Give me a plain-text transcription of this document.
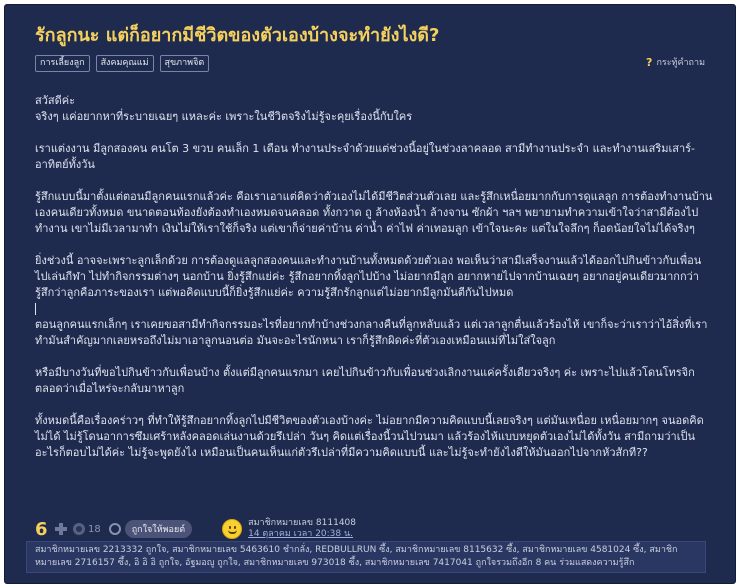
รักลูกนะ แต่ก็อยากมีชีวิตของตัวเองบ้างจะทำยังไงดี?
การเลี้ยงลูก	สังคมคุณแม่	สุขภาพจิต	? กระทู้คำถาม

สวัสดีค่ะ
จริงๆ แค่อยากหาที่ระบายเฉยๆ แหละค่ะ เพราะในชีวิตจริงไม่รู้จะคุยเรื่องนี้กับใคร

เราแต่งงาน มีลูกสองคน คนโต 3 ขวบ คนเล็ก 1 เดือน ทำงานประจำด้วยแต่ช่วงนี้อยู่ในช่วงลาคลอด สามีทำงานประจำ และทำงานเสริมเสาร์-อาทิตย์ทั้งวัน

รู้สึกแบบนี้มาตั้งแต่ตอนมีลูกคนแรกแล้วค่ะ คือเราเอาแต่คิดว่าตัวเองไม่ได้มีชีวิตส่วนตัวเลย และรู้สึกเหนื่อยมากกับการดูแลลูก การต้องทำงานบ้านเองคนเดียวทั้งหมด ขนาดตอนท้องยังต้องทำเองหมดจนคลอด ทั้งกวาด ถู ล้างห้องน้ำ ล้างจาน ซักผ้า ฯลฯ พยายามทำความเข้าใจว่าสามีต้องไปทำงาน เขาไม่มีเวลามาทำ เงินไม่ให้เราใช้ก็จริง แต่เขาก็จ่ายค่าบ้าน ค่าน้ำ ค่าไฟ ค่าเทอมลูก เข้าใจนะคะ แต่ในใจลึกๆ ก็อดน้อยใจไม่ได้จริงๆ

ยิ่งช่วงนี้ อาจจะเพราะลูกเล็กด้วย การต้องดูแลลูกสองคนและทำงานบ้านทั้งหมดด้วยตัวเอง พอเห็นว่าสามีเสร็จงานแล้วได้ออกไปกินข้าวกับเพื่อน ไปเล่นกีฬา ไปทำกิจกรรมต่างๆ นอกบ้าน ยิ่งรู้สึกแย่ค่ะ รู้สึกอยากทิ้งลูกไปบ้าง ไม่อยากมีลูก อยากหายไปจากบ้านเฉยๆ อยากอยู่คนเดียวมากกว่า รู้สึกว่าลูกคือภาระของเรา แต่พอคิดแบบนี้ก็ยิ่งรู้สึกแย่ค่ะ ความรู้สึกรักลูกแต่ไม่อยากมีลูกมันตีกันไปหมด

ตอนลูกคนแรกเล็กๆ เราเคยขอสามีทำกิจกรรมอะไรที่อยากทำบ้างช่วงกลางคืนที่ลูกหลับแล้ว แต่เวลาลูกตื่นแล้วร้องไห้ เขาก็จะว่าเราว่าไอ้สิ่งที่เราทำมันสำคัญมากเลยหรอถึงไม่มาเอาลูกนอนต่อ มันจะอะไรนักหนา เราก็รู้สึกผิดค่ะที่ตัวเองเหมือนแม่ที่ไม่ใส่ใจลูก

หรือมีบางวันที่ขอไปกินข้าวกับเพื่อนบ้าง ตั้งแต่มีลูกคนแรกมา เคยไปกินข้าวกับเพื่อนช่วงเลิกงานแค่ครั้งเดียวจริงๆ ค่ะ เพราะไปแล้วโดนโทรจิกตลอดว่าเมื่อไหร่จะกลับมาหาลูก

ทั้งหมดนี้คือเรื่องคร่าวๆ ที่ทำให้รู้สึกอยากทิ้งลูกไปมีชีวิตของตัวเองบ้างค่ะ ไม่อยากมีความคิดแบบนี้เลยจริงๆ แต่มันเหนื่อย เหนื่อยมากๆ จนอดคิดไม่ได้ ไม่รู้โดนอาการซึมเศร้าหลังคลอดเล่นงานด้วยรึเปล่า วันๆ คิดแต่เรื่องนี้วนไปวนมา แล้วร้องไห้แบบหยุดตัวเองไม่ได้ทั้งวัน สามีถามว่าเป็นอะไรก็ตอบไม่ได้ค่ะ ไม่รู้จะพูดยังไง เหมือนเป็นคนเห็นแก่ตัวรึเปล่าที่มีความคิดแบบนี้ และไม่รู้จะทำยังไงดีให้มันออกไปจากหัวสักที??

6	18	ถูกใจให้พอยต์
สมาชิกหมายเลข 8111408
14 ตุลาคม เวลา 20:38 น.
สมาชิกหมายเลข 2213332 ถูกใจ, สมาชิกหมายเลข 5463610 ชำกลั่ง, REDBULLRUN ซึ้ง, สมาชิกหมายเลข 8115632 ซึ้ง, สมาชิกหมายเลข 4581024 ซึ้ง, สมาชิกหมายเลข 2716157 ซึ้ง, อิ อิ อิ ถูกใจ, อัฐมอญู ถูกใจ, สมาชิกหมายเลข 973018 ซึ้ง, สมาชิกหมายเลข 7417041 ถูกใจรวมถึงอีก 8 คน ร่วมแสดงความรู้สึก
